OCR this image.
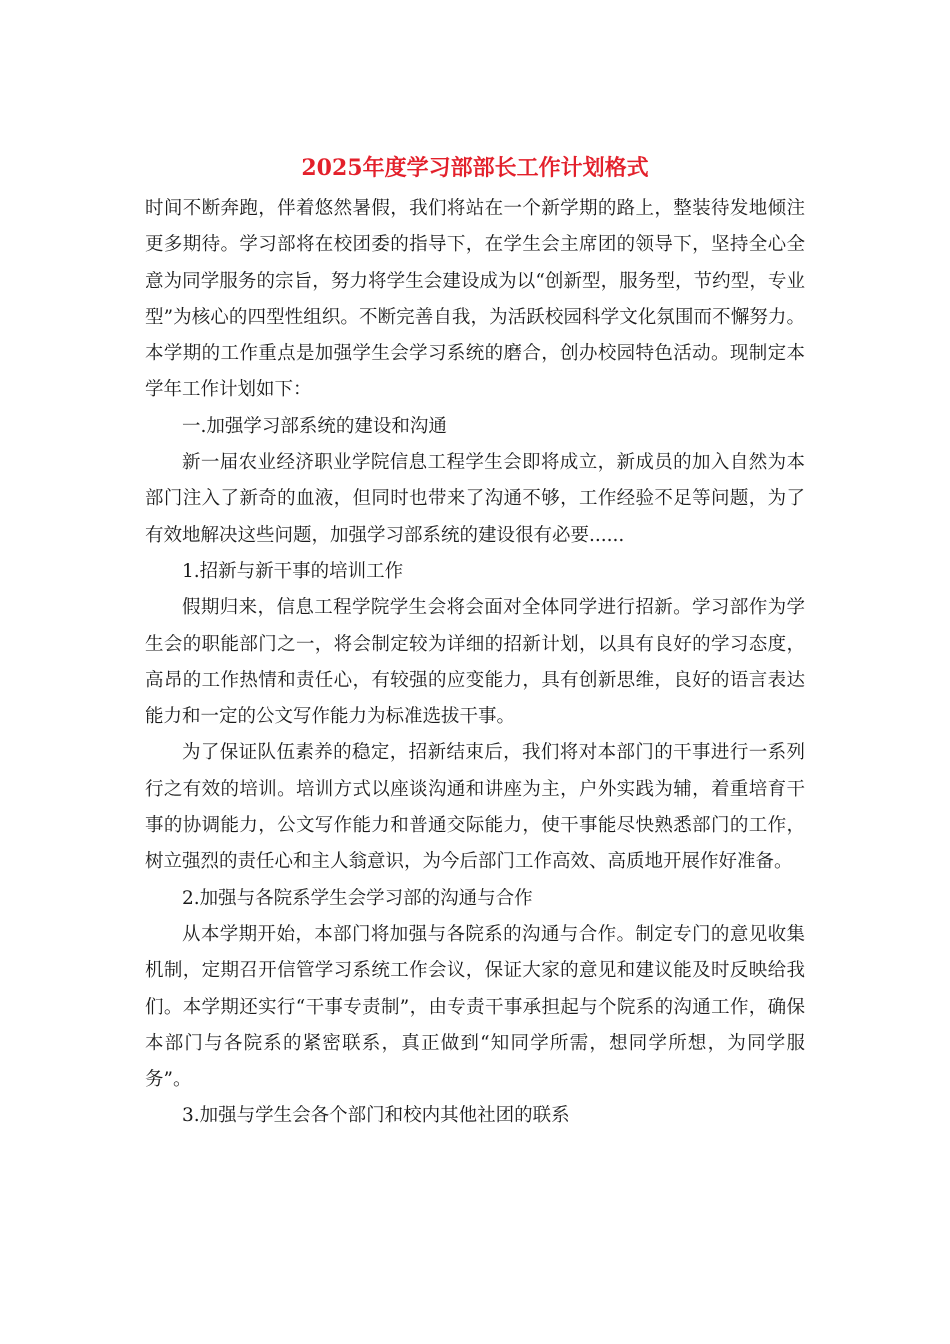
2025年度学习部部长工作计划格式

时间不断奔跑，伴着悠然暑假，我们将站在一个新学期的路上，整装待发地倾注更多期待。学习部将在校团委的指导下，在学生会主席团的领导下，坚持全心全意为同学服务的宗旨，努力将学生会建设成为以“创新型，服务型，节约型，专业型”为核心的四型性组织。不断完善自我，为活跃校园科学文化氛围而不懈努力。本学期的工作重点是加强学生会学习系统的磨合，创办校园特色活动。现制定本学年工作计划如下：

一.加强学习部系统的建设和沟通

新一届农业经济职业学院信息工程学生会即将成立，新成员的加入自然为本部门注入了新奇的血液，但同时也带来了沟通不够，工作经验不足等问题，为了有效地解决这些问题，加强学习部系统的建设很有必要......

1.招新与新干事的培训工作

假期归来，信息工程学院学生会将会面对全体同学进行招新。学习部作为学生会的职能部门之一，将会制定较为详细的招新计划，以具有良好的学习态度，高昂的工作热情和责任心，有较强的应变能力，具有创新思维，良好的语言表达能力和一定的公文写作能力为标准选拔干事。

为了保证队伍素养的稳定，招新结束后，我们将对本部门的干事进行一系列行之有效的培训。培训方式以座谈沟通和讲座为主，户外实践为辅，着重培育干事的协调能力，公文写作能力和普通交际能力，使干事能尽快熟悉部门的工作，树立强烈的责任心和主人翁意识，为今后部门工作高效、高质地开展作好准备。

2.加强与各院系学生会学习部的沟通与合作

从本学期开始，本部门将加强与各院系的沟通与合作。制定专门的意见收集机制，定期召开信管学习系统工作会议，保证大家的意见和建议能及时反映给我们。本学期还实行“干事专责制”，由专责干事承担起与个院系的沟通工作，确保本部门与各院系的紧密联系，真正做到“知同学所需，想同学所想，为同学服务”。

3.加强与学生会各个部门和校内其他社团的联系
